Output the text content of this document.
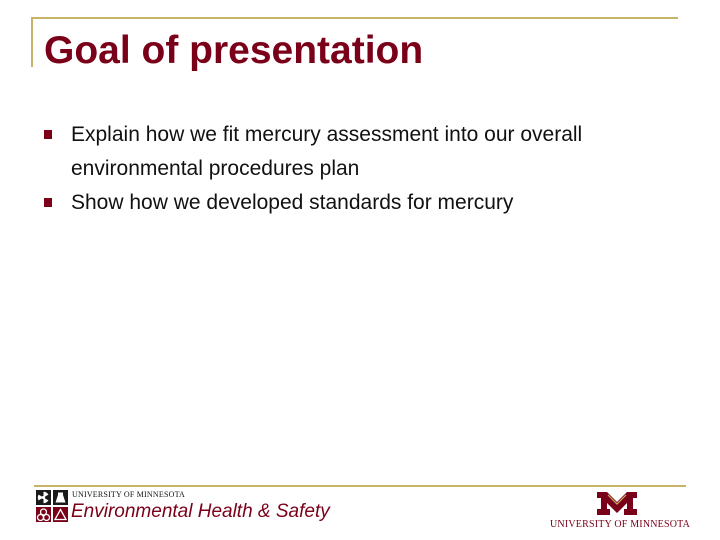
Goal of presentation
Explain how we fit mercury assessment into our overall environmental procedures plan
Show how we developed standards for mercury
UNIVERSITY OF MINNESOTA
Environmental Health & Safety
UNIVERSITY OF MINNESOTA
